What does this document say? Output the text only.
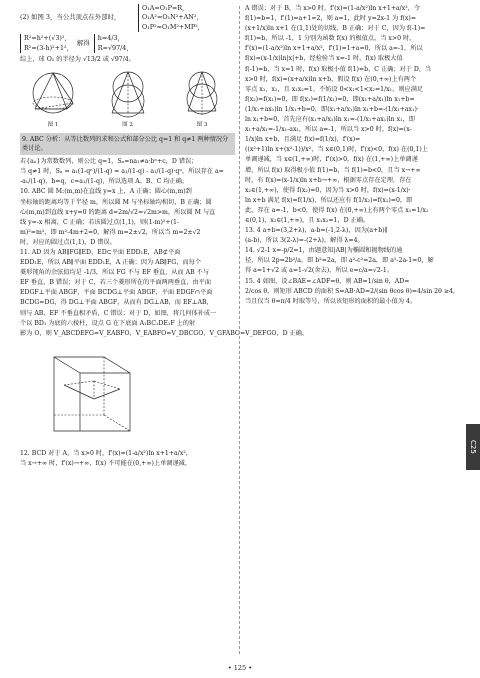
(2) 如图 3，当公共顶点在外部时，
O₁A=O₁P=R，
O₁A²=O₁N²+AN²，
O₁P²=O₁M²+MP²，
R²=h²+(√3)²，
R²=(3-h)²+1²，
解得
h=4/3，
R=√97/4，
综上，球 O₁ 的半径为 √13/2 或 √97/4。
图 1	图 2	图 3
9. ABC 分析：从等比数列的求和公式和部分公比 q=1 和 q≠1 两种情况分类讨论。
若{aₙ}为常数数列，则公比 q=1，Sₙ=na₁≠a·bⁿ+c，D 错误；
当 q≠1 时，Sₙ = a₁(1-qⁿ)/(1-q) = a₁/(1-q) - a₁/(1-q)·qⁿ，所以存在 a=
-a₁/(1-q)，b=q，c=a₁/(1-q)，所以选项 A、B、C 均正确。
10. ABC 圆 M:(m,m)在直线 y=x 上，A 正确；圆心(m,m)到
坐标轴的距离均等于半径 m，所以圆 M 与坐标轴均相切，B 正确；圆
心(m,m)到直线 x+y=0 的距离 d=2m/√2=√2m>m，所以圆 M 与直
线 y=-x 相离，C 正确；若该圆过点(1,1)，则(1-m)²+(1-
m)²=m²，即 m²-4m+2=0，解得 m=2±√2，所以当 m=2±√2
时，对应的圆过点(1,1)，D 错误。
11. AD 因为 AB∥FG∥ED，ED⊂平面 EDD₁E，AB⊄平面
EDD₁E，所以 AB∥平面 EDD₁E，A 正确；因为 AB∥FG，而每个
菱形钝角的余弦值均是 -1/3，所以 FG 不与 EF 垂直，从而 AB 不与
EF 垂直，B 错误；对于 C，若三个菱形所在的平面两两垂直，由平面
EDGF⊥平面 ABGF，平面 BCDG⊥平面 ABGF，平面 EDGF∩平面
BCDG=DG，得 DG⊥平面 ABGF，从而有 DG⊥AB，而 EF⊥AB，
则与 AB、EF 不垂直相矛盾，C 错误；对于 D，如图，将几何体补成一
个以 BD₁ 为底的六棱柱，设点 G 在下底面 A₁BC₁DE₁F 上的射
影为 O，则 V_ABCDEFG=V_EABFO，V_EABFO=V_DBCGO，V_GFABO=V_DEFGO，D 正确。
12. BCD 对于 A，当 x>0 时，f'(x)=(1-a/x²)ln x+1+a/x²，
当 x→+∞ 时，f'(x)→+∞，f(x) 不可能在(0,+∞)上单调递减，
A 错误；对于 B，当 x>0 时，f'(x)=(1-a/x²)ln x+1+a/x²，令
f(1)=b=1，f'(1)=a+1=2，则 a=1，此时 y=2x-1 为 f(x)=
(x+1/x)ln x+1 在(1,1)处的切线，B 正确；对于 C，因为 f(-1)=
f(1)=b，所以 -1，1 分别为函数 f(x) 的极值点，当 x>0 时，
f'(x)=(1-a/x²)ln x+1+a/x²，f'(1)=1+a=0，所以 a=-1，所以
f(x)=(x-1/x)ln|x|+b，经检验当 x=-1 时，f(x) 取极大值
f(-1)=b，当 x=1 时，f(x) 取极小值 f(1)=b，C 正确；对于 D，当
x>0 时，f(x)=(x+a/x)ln x+b，假设 f(x) 在(0,+∞)上有两个
零点 x₁，x₂，且 x₁x₂=1，不妨设 0<x₁<1<x₂=1/x₁，则应满足
f(x₂)=f(x₁)=0，即 f(x₁)=f(1/x₁)=0，即(x₁+a/x₁)ln x₁+b=
(1/x₁+ax₁)ln 1/x₁+b=0，即(x₁+a/x₁)ln x₁+b=-(1/x₁+ax₁)·
ln x₁+b=0，首先应有(x₁+a/x₁)ln x₁=-(1/x₁+ax₁)ln x₁，即
x₁+a/x₁=-1/x₁-ax₁，所以 a=-1，所以当 x>0 时，f(x)=(x-
1/x)ln x+b，且满足 f(x)=f(1/x)，f'(x)=
((x²+1)ln x+(x²-1))/x²，当 x∈(0,1)时，f'(x)<0，f(x) 在(0,1)上
单调递减，当 x∈(1,+∞)时，f'(x)>0，f(x) 在(1,+∞)上单调递
增，所以 f(x) 取得极小值 f(1)=b，当 f(1)=b<0，且当 x→+∞
时，有 f(x)=(x-1/x)ln x+b→+∞，根据零点存在定理，存在
x₂∈(1,+∞)，使得 f(x₂)=0，因为当 x>0 时，f(x)=(x-1/x)·
ln x+b 满足 f(x)=f(1/x)，所以还应有 f(1/x₂)=f(x₂)=0，即
此，存在 a=-1，b<0，使得 f(x) 在(0,+∞)上有两个零点 x₁=1/x₂
∈(0,1)，x₂∈(1,+∞)，且 x₁x₂=1，D 正确。
13. 4 a+b=(3,2+λ)，a-b=(-1,2-λ)，因为(a+b)∥
(a-b)，所以 3(2-λ)=-(2+λ)，解得 λ=4。
14. √2-1 x=-p/2=1，由题意知|AB|为椭圆和抛物线的通
径，所以 2p=2b²/a，即 b²=2a，即 a²-c²=2a，即 a²-2a-1=0，解
得 a=1+√2 或 a=1-√2(舍去)，所以 e=c/a=√2-1。
15. 4 如图，设∠BAE=∠ADF=θ，则 AB=1/sin θ，AD=
2/cos θ，则矩形 ABCD 的面积 S=AB·AD=2/(sin θcos θ)=4/sin 2θ ≥4，
当且仅当 θ=π/4 时取等号，所以该矩形的面积的最小值为 4。
C25
• 125 •
